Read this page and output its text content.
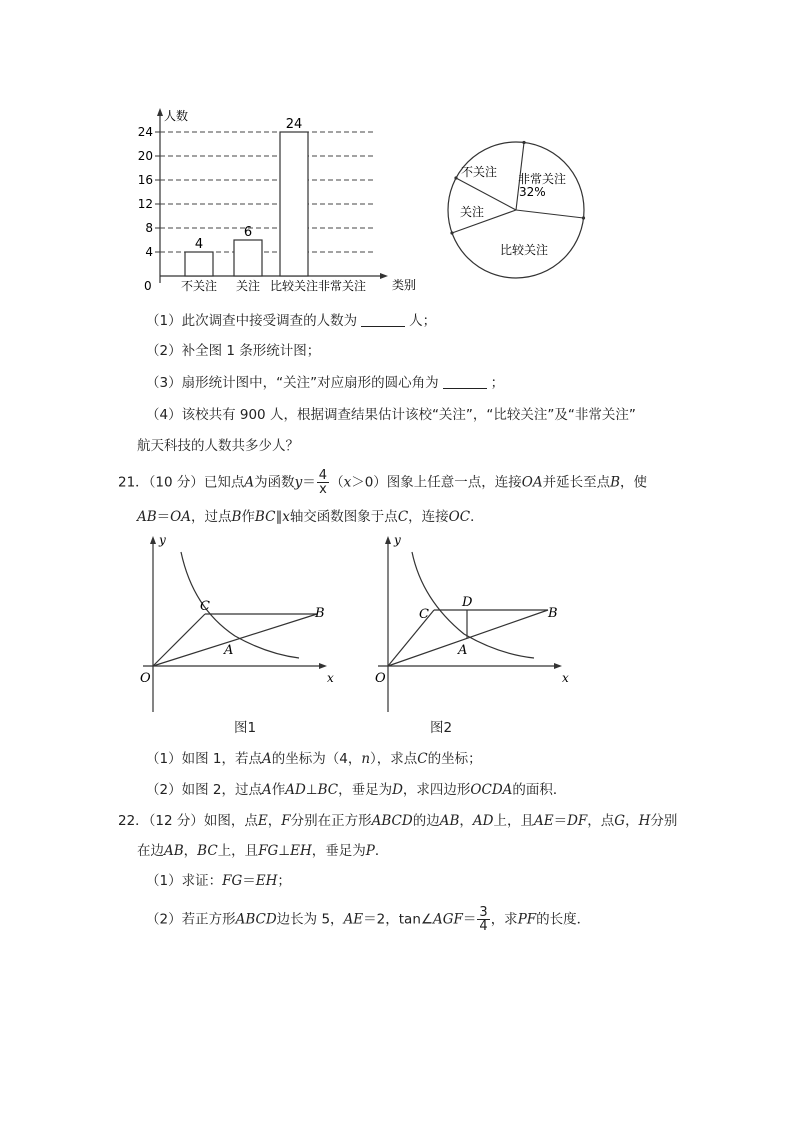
人数
类别
0
4
8
12
16
20
24
4
6
24
不关注 关注 比较关注 非常关注
非常关注
32%
比较关注
关注
不关注
（1）此次调查中接受调查的人数为	人；
（2）补全图 1 条形统计图；
（3）扇形统计图中，“关注”对应扇形的圆心角为	；
（4）该校共有 900 人，根据调查结果估计该校“关注”，“比较关注”及“非常关注”
航天科技的人数共多少人？
21．（10 分）已知点A为函数$y= \frac{4}{x} (x>0)$图象上任意一点，连接OA并延长至点B，使
AB＝OA，过点B作BC∥x轴交函数图象于点C，连接OC．
y
x
O
C	B
A
图1
y
x
O
C
D
B
A
图2
（1）如图 1，若点A的坐标为（4，n），求点C的坐标；
（2）如图 2，过点A作AD⊥BC，垂足为D，求四边形OCDA的面积．
22．（12 分）如图，点E，F分别在正方形ABCD的边AB，AD上，且AE＝DF，点G，H分别
在边AB，BC上，且FG⊥EH，垂足为P．
（1）求证：FG＝EH；
（2）若正方形ABCD边长为 5，AE＝2，tan∠AGF＝ $\frac{3}{4}$ ，求PF的长度．
